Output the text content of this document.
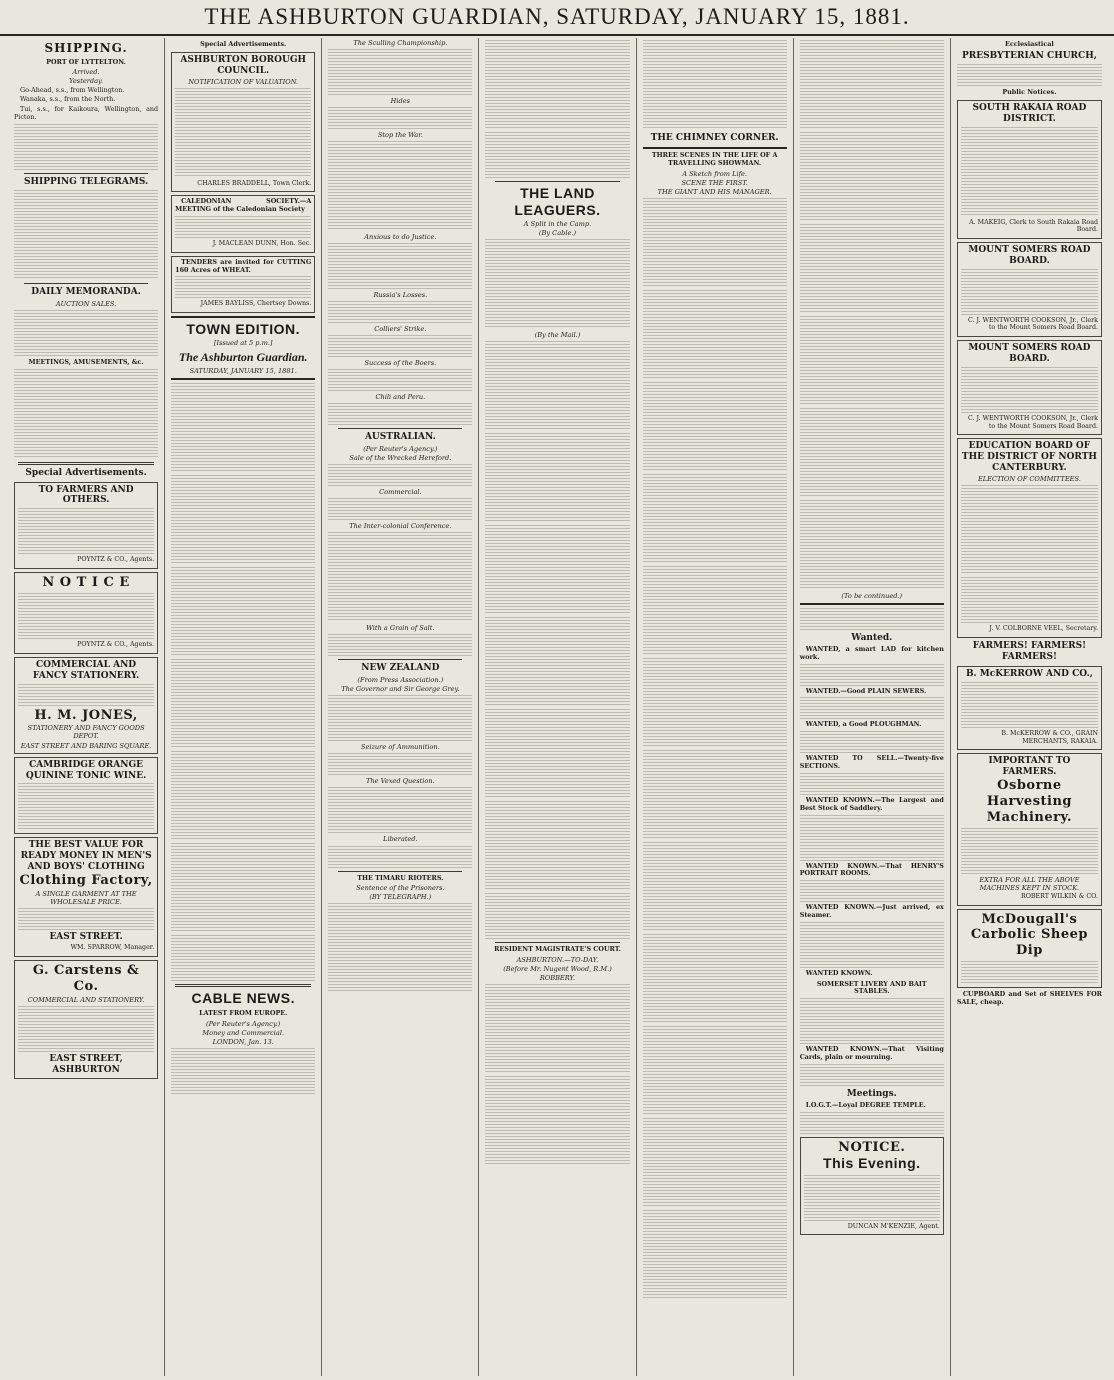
THE ASHBURTON GUARDIAN, SATURDAY, JANUARY 15, 1881.
SHIPPING.
PORT OF LYTTELTON.
Arrived.
Yesterday.
Go-Ahead, s.s., from Wellington.
Wanaka, s.s., from the North.
Tui, s.s., for Kaikoura, Wellington, and Picton.
SHIPPING TELEGRAMS.
DAILY MEMORANDA.
AUCTION SALES.
MEETINGS, AMUSEMENTS, &c.
Special Advertisements.
TO FARMERS AND OTHERS.
POYNTZ & CO., Agents.
N O T I C E
POYNTZ & CO., Agents.
COMMERCIAL AND FANCY STATIONERY.
H. M. JONES,
STATIONERY AND FANCY GOODS DEPOT.
EAST STREET AND BARING SQUARE.
CAMBRIDGE ORANGE QUININE TONIC WINE.
THE BEST VALUE FOR READY MONEY IN MEN'S AND BOYS' CLOTHING
Clothing Factory,
A SINGLE GARMENT AT THE WHOLESALE PRICE.
EAST STREET.
WM. SPARROW, Manager.
G. Carstens & Co.
COMMERCIAL AND STATIONERY.
EAST STREET, ASHBURTON
Special Advertisements.
ASHBURTON BOROUGH COUNCIL.
NOTIFICATION OF VALUATION.
CHARLES BRADDELL, Town Clerk.
CALEDONIAN SOCIETY.—A MEETING of the Caledonian Society
J. MACLEAN DUNN, Hon. Sec.
TENDERS are invited for CUTTING 160 Acres of WHEAT.
JAMES BAYLISS, Chertsey Downs.
TOWN EDITION.
[Issued at 5 p.m.]
The Ashburton Guardian.
SATURDAY, JANUARY 15, 1881.
CABLE NEWS.
LATEST FROM EUROPE.
(Per Reuter's Agency.)
Money and Commercial.
LONDON, Jan. 13.
The Sculling Championship.
Hides
Stop the War.
Anxious to do Justice.
Russia's Losses.
Colliers' Strike.
Success of the Boers.
Chili and Peru.
AUSTRALIAN.
(Per Reuter's Agency.)
Sale of the Wrecked Hereford.
Commercial.
The Inter-colonial Conference.
With a Grain of Salt.
NEW ZEALAND
(From Press Association.)
The Governor and Sir George Grey.
Seizure of Ammunition.
The Vexed Question.
Liberated.
THE TIMARU RIOTERS.
Sentence of the Prisoners.
(BY TELEGRAPH.)
THE LAND LEAGUERS.
A Split in the Camp.
(By Cable.)
(By the Mail.)
RESIDENT MAGISTRATE'S COURT.
ASHBURTON.—TO-DAY.
(Before Mr. Nugent Wood, R.M.)
ROBBERY.
THE CHIMNEY CORNER.
THREE SCENES IN THE LIFE OF A TRAVELLING SHOWMAN.
A Sketch from Life.
SCENE THE FIRST.
THE GIANT AND HIS MANAGER.
(To be continued.)
Wanted.
WANTED, a smart LAD for kitchen work.
WANTED.—Good PLAIN SEWERS.
WANTED, a Good PLOUGHMAN.
WANTED TO SELL.—Twenty-five SECTIONS.
WANTED KNOWN.—The Largest and Best Stock of Saddlery.
WANTED KNOWN.—That HENRY'S PORTRAIT ROOMS.
WANTED KNOWN.—Just arrived, ex Steamer.
WANTED KNOWN.
SOMERSET LIVERY AND BAIT STABLES.
WANTED KNOWN.—That Visiting Cards, plain or mourning.
Meetings.
I.O.G.T.—Loyal DEGREE TEMPLE.
NOTICE.
This Evening.
DUNCAN M'KENZIE, Agent.
Ecclesiastical
PRESBYTERIAN CHURCH,
Public Notices.
SOUTH RAKAIA ROAD DISTRICT.
A. MAKEIG, Clerk to South Rakaia Road Board.
MOUNT SOMERS ROAD BOARD.
C. J. WENTWORTH COOKSON, Jr., Clerk to the Mount Somers Road Board.
MOUNT SOMERS ROAD BOARD.
C. J. WENTWORTH COOKSON, Jr., Clerk to the Mount Somers Road Board.
EDUCATION BOARD OF THE DISTRICT OF NORTH CANTERBURY.
ELECTION OF COMMITTEES.
J. V. COLBORNE VEEL, Secretary.
FARMERS! FARMERS! FARMERS!
B. McKERROW AND CO.,
B. McKERROW & CO., GRAIN MERCHANTS, RAKAIA.
IMPORTANT TO FARMERS.
Osborne Harvesting Machinery.
EXTRA FOR ALL THE ABOVE MACHINES KEPT IN STOCK.
ROBERT WILKIN & CO.
McDougall's Carbolic Sheep Dip
CUPBOARD and Set of SHELVES FOR SALE, cheap.
